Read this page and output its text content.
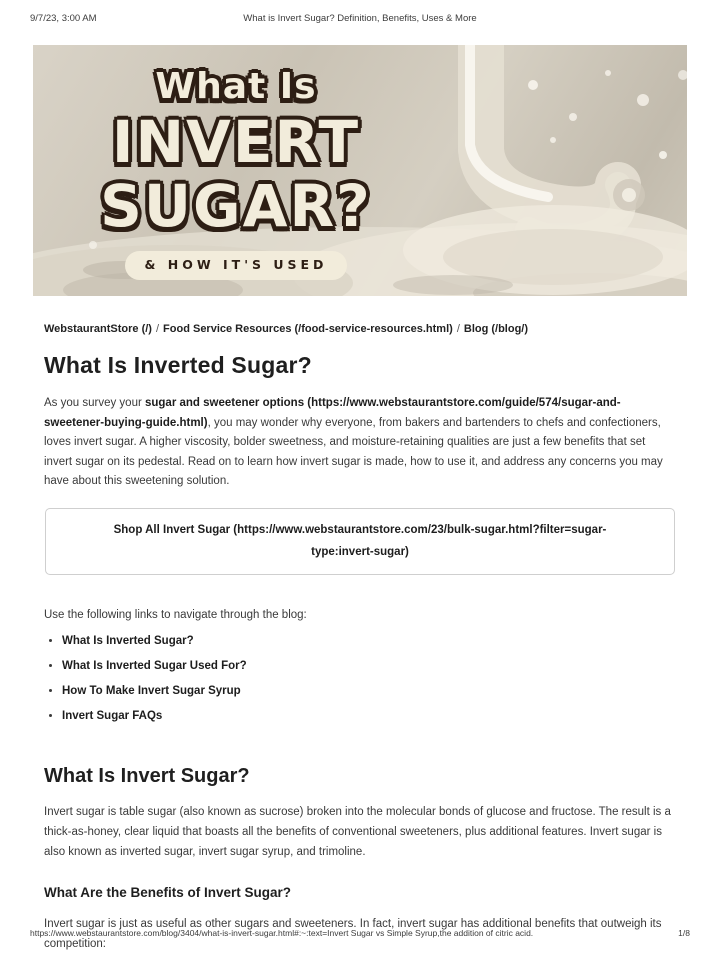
9/7/23, 3:00 AM	What is Invert Sugar? Definition, Benefits, Uses & More
What Is
INVERT
SUGAR?
& HOW IT'S USED
WebstaurantStore (/) / Food Service Resources (/food-service-resources.html) / Blog (/blog/)
What Is Inverted Sugar?

As you survey your sugar and sweetener options (https://www.webstaurantstore.com/guide/574/sugar-and-sweetener-buying-guide.html), you may wonder why everyone, from bakers and bartenders to chefs and confectioners, loves invert sugar. A higher viscosity, bolder sweetness, and moisture-retaining qualities are just a few benefits that set invert sugar on its pedestal. Read on to learn how invert sugar is made, how to use it, and address any concerns you may have about this sweetening solution.

Shop All Invert Sugar (https://www.webstaurantstore.com/23/bulk-sugar.html?filter=sugar-type:invert-sugar)

Use the following links to navigate through the blog:

• What Is Inverted Sugar?
• What Is Inverted Sugar Used For?
• How To Make Invert Sugar Syrup
• Invert Sugar FAQs
What Is Invert Sugar?

Invert sugar is table sugar (also known as sucrose) broken into the molecular bonds of glucose and fructose. The result is a thick-as-honey, clear liquid that boasts all the benefits of conventional sweeteners, plus additional features. Invert sugar is also known as inverted sugar, invert sugar syrup, and trimoline.

What Are the Benefits of Invert Sugar?

Invert sugar is just as useful as other sugars and sweeteners. In fact, invert sugar has additional benefits that outweigh its competition:

https://www.webstaurantstore.com/blog/3404/what-is-invert-sugar.html#:~:text=Invert Sugar vs Simple Syrup,the addition of citric acid.	1/8
